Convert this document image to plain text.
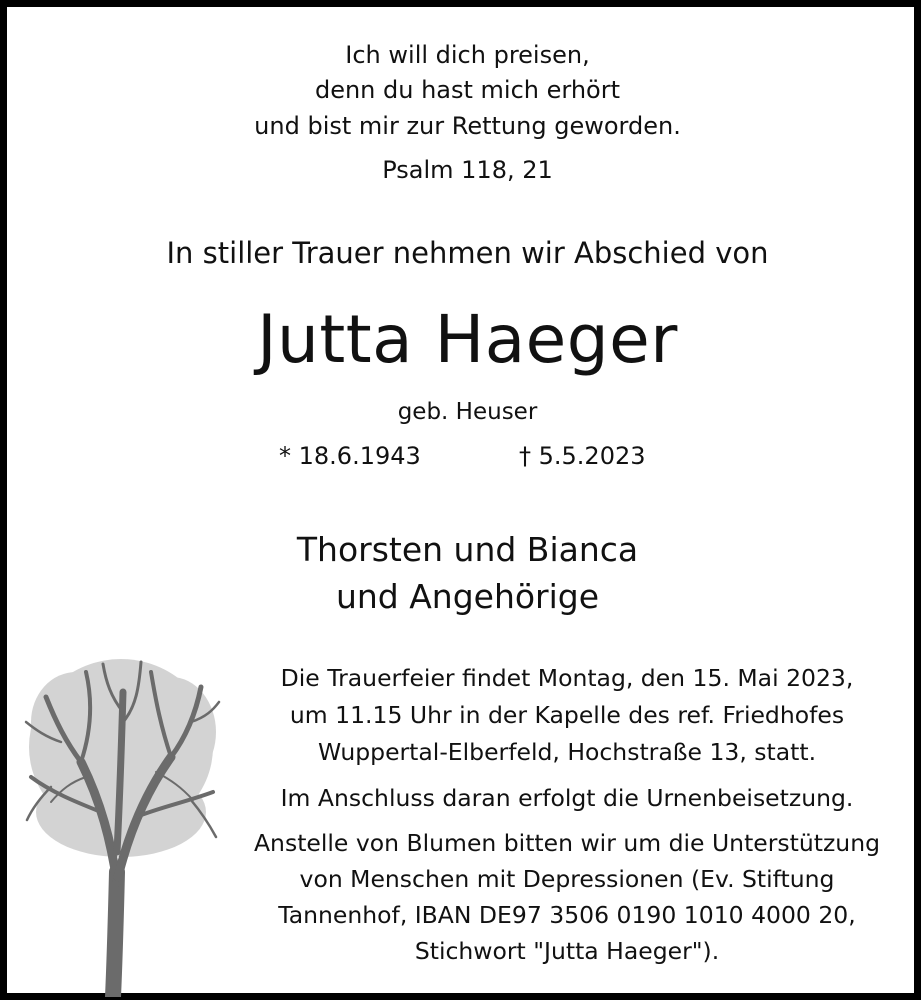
Ich will dich preisen,

denn du hast mich erhört

und bist mir zur Rettung geworden.

Psalm 118, 21

In stiller Trauer nehmen wir Abschied von

Jutta Haeger

geb. Heuser

* 18.6.1943	† 5.5.2023

Thorsten und Bianca

und Angehörige

Die Trauerfeier findet Montag, den 15. Mai 2023,

um 11.15 Uhr in der Kapelle des ref. Friedhofes

Wuppertal-Elberfeld, Hochstraße 13, statt.

Im Anschluss daran erfolgt die Urnenbeisetzung.

Anstelle von Blumen bitten wir um die Unterstützung

von Menschen mit Depressionen (Ev. Stiftung

Tannenhof, IBAN DE97 3506 0190 1010 4000 20,

Stichwort "Jutta Haeger").
